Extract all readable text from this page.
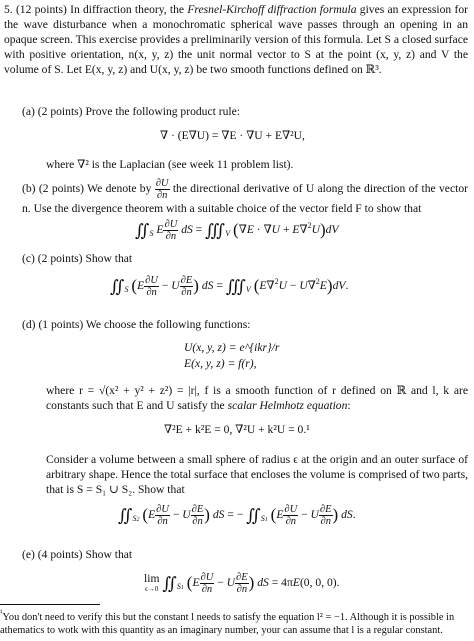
5. (12 points) In diffraction theory, the Fresnel-Kirchoff diffraction formula gives an expression for the wave disturbance when a monochromatic spherical wave passes through an opening in an opaque screen. This exercise provides a preliminarily version of this formula. Let S a closed surface with positive orientation, n(x, y, z) the unit normal vector to S at the point (x, y, z) and V the volume of S. Let E(x, y, z) and U(x, y, z) be two smooth functions defined on ℝ³.

(a) (2 points) Prove the following product rule:

∇ · (E∇U) = ∇E · ∇U + E∇²U,

where ∇² is the Laplacian (see week 11 problem list).

(b) (2 points) We denote by $\frac{\partial U}{\partial n}$ the directional derivative of U along the direction of the vector n. Use the divergence theorem with a suitable choice of the vector field F to show that

$∬_S$ E $\frac{\partial U}{\partial n}$ dS = $∭_V$ (∇E · ∇U + E∇$^2$U)dV

(c) (2 points) Show that

$∬_S$ ($E \frac{\partial U}{\partial n} - U \frac{\partial E}{\partial n}$ ) dS = $∭_V$ (E∇$^2$U − U∇$^2$E)dV.

(d) (1 points) We choose the following functions:

U(x, y, z) = e^{ikr}/r
E(x, y, z) = f(r),

where r = √(x² + y² + z²) = |r|, f is a smooth function of r defined on ℝ and l, k are constants such that E and U satisfy the scalar Helmhotz equation:

∇²E + k²E = 0, ∇²U + k²U = 0.¹

Consider a volume between a small sphere of radius ϵ at the origin and an outer surface of arbitrary shape. Hence the total surface that encloses the volume is comprised of two parts, that is S = S₁ ∪ S₂. Show that

$∬_{S2}$ ($E \frac{\partial U}{\partial n} - U \frac{\partial E}{\partial n}$ ) dS = − $∬_{S1}$ ($E \frac{\partial U}{\partial n} - U \frac{\partial E}{\partial n}$ ) dS.

(e) (4 points) Show that

lim
ϵ→0 $∬_{S1}$ ($E \frac{\partial U}{\partial n} - U \frac{\partial E}{\partial n}$ ) dS = 4πE(0, 0, 0).

$^{^1}$You don't need to verify this but the constant l needs to satisfy the equation l² = −1. Although it is possible in athematics to wotk with this quantity as an imaginary number, your can assume that l is a regular constant.
